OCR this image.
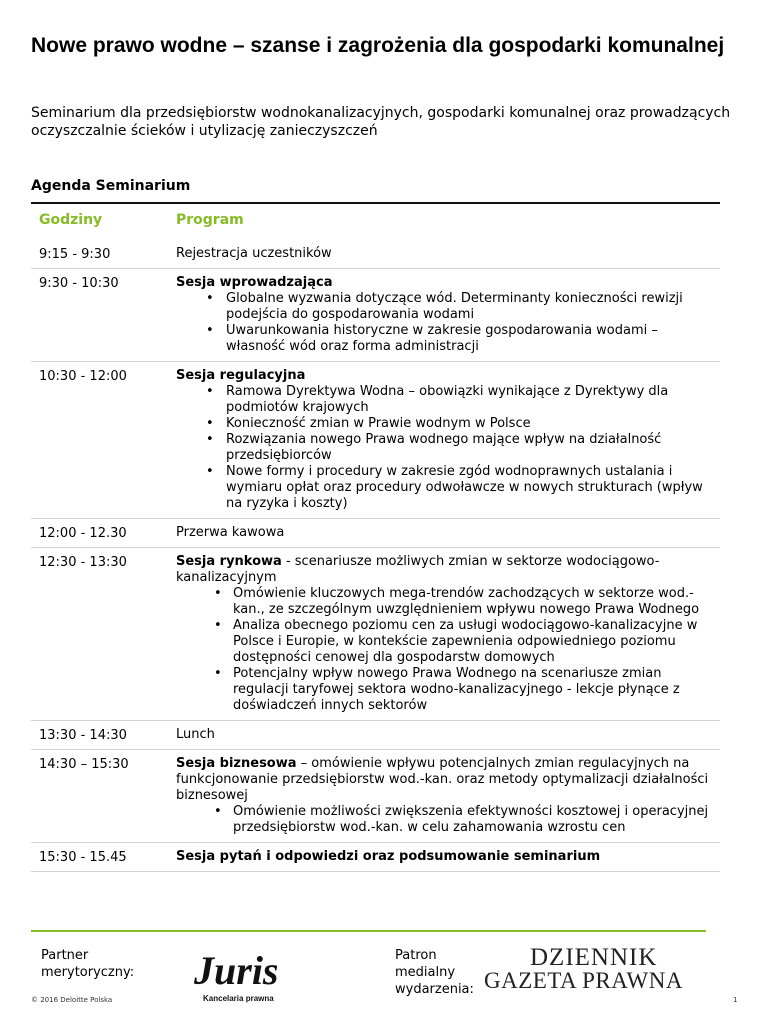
Nowe prawo wodne – szanse i zagrożenia dla gospodarki komunalnej
Seminarium dla przedsiębiorstw wodnokanalizacyjnych, gospodarki komunalnej oraz prowadzących oczyszczalnie ścieków i utylizację zanieczyszczeń
Agenda Seminarium
Godziny	Program
9:15 - 9:30	Rejestracja uczestników
9:30 - 10:30	Sesja wprowadzająca
• Globalne wyzwania dotyczące wód. Determinanty konieczności rewizji podejścia do gospodarowania wodami
• Uwarunkowania historyczne w zakresie gospodarowania wodami – własność wód oraz forma administracji
10:30 - 12:00	Sesja regulacyjna
• Ramowa Dyrektywa Wodna – obowiązki wynikające z Dyrektywy dla podmiotów krajowych
• Konieczność zmian w Prawie wodnym w Polsce
• Rozwiązania nowego Prawa wodnego mające wpływ na działalność przedsiębiorców
• Nowe formy i procedury w zakresie zgód wodnoprawnych ustalania i wymiaru opłat oraz procedury odwoławcze w nowych strukturach (wpływ na ryzyka i koszty)
12:00 - 12.30	Przerwa kawowa
12:30 - 13:30	Sesja rynkowa - scenariusze możliwych zmian w sektorze wodociągowo-kanalizacyjnym
• Omówienie kluczowych mega-trendów zachodzących w sektorze wod.-kan., ze szczególnym uwzględnieniem wpływu nowego Prawa Wodnego
• Analiza obecnego poziomu cen za usługi wodociągowo-kanalizacyjne w Polsce i Europie, w kontekście zapewnienia odpowiedniego poziomu dostępności cenowej dla gospodarstw domowych
• Potencjalny wpływ nowego Prawa Wodnego na scenariusze zmian regulacji taryfowej sektora wodno-kanalizacyjnego - lekcje płynące z doświadczeń innych sektorów
13:30 - 14:30	Lunch
14:30 – 15:30	Sesja biznesowa – omówienie wpływu potencjalnych zmian regulacyjnych na funkcjonowanie przedsiębiorstw wod.-kan. oraz metody optymalizacji działalności biznesowej
• Omówienie możliwości zwiększenia efektywności kosztowej i operacyjnej przedsiębiorstw wod.-kan. w celu zahamowania wzrostu cen
15:30 - 15.45	Sesja pytań i odpowiedzi oraz podsumowanie seminarium
Partner merytoryczny:	Juris
Kancelaria prawna
Patron medialny wydarzenia:
DZIENNIK
GAZETA PRAWNA
© 2016 Deloitte Polska	1
